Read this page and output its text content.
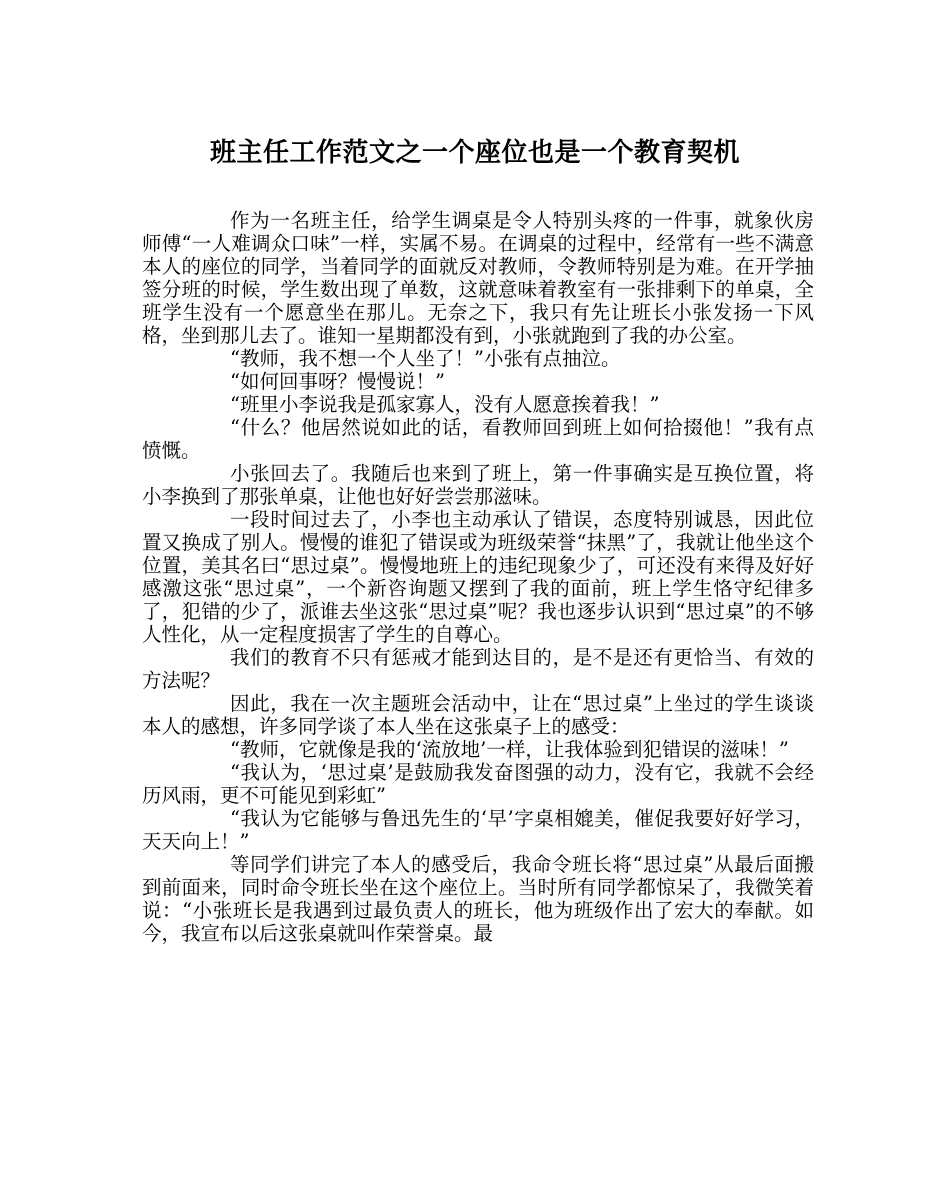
班主任工作范文之一个座位也是一个教育契机

作为一名班主任，给学生调桌是令人特别头疼的一件事，就象伙房师傅“一人难调众口味”一样，实属不易。在调桌的过程中，经常有一些不满意本人的座位的同学，当着同学的面就反对教师，令教师特别是为难。在开学抽签分班的时候，学生数出现了单数，这就意味着教室有一张排剩下的单桌，全班学生没有一个愿意坐在那儿。无奈之下，我只有先让班长小张发扬一下风格，坐到那儿去了。谁知一星期都没有到，小张就跑到了我的办公室。

“教师，我不想一个人坐了！”小张有点抽泣。

“如何回事呀？慢慢说！”

“班里小李说我是孤家寡人，没有人愿意挨着我！”

“什么？他居然说如此的话，看教师回到班上如何拾掇他！”我有点愤慨。

小张回去了。我随后也来到了班上，第一件事确实是互换位置，将小李换到了那张单桌，让他也好好尝尝那滋味。

一段时间过去了，小李也主动承认了错误，态度特别诚恳，因此位置又换成了别人。慢慢的谁犯了错误或为班级荣誉“抹黑”了，我就让他坐这个位置，美其名曰“思过桌”。慢慢地班上的违纪现象少了，可还没有来得及好好感激这张“思过桌”，一个新咨询题又摆到了我的面前，班上学生恪守纪律多了，犯错的少了，派谁去坐这张“思过桌”呢？我也逐步认识到“思过桌”的不够人性化，从一定程度损害了学生的自尊心。

我们的教育不只有惩戒才能到达目的，是不是还有更恰当、有效的方法呢？

因此，我在一次主题班会活动中，让在“思过桌”上坐过的学生谈谈本人的感想，许多同学谈了本人坐在这张桌子上的感受：

“教师，它就像是我的‘流放地’一样，让我体验到犯错误的滋味！”

“我认为，‘思过桌’是鼓励我发奋图强的动力，没有它，我就不会经历风雨，更不可能见到彩虹”

“我认为它能够与鲁迅先生的‘早’字桌相媲美，催促我要好好学习，天天向上！”

等同学们讲完了本人的感受后，我命令班长将“思过桌”从最后面搬到前面来，同时命令班长坐在这个座位上。当时所有同学都惊呆了，我微笑着说：“小张班长是我遇到过最负责人的班长，他为班级作出了宏大的奉献。如今，我宣布以后这张桌就叫作荣誉桌。最
